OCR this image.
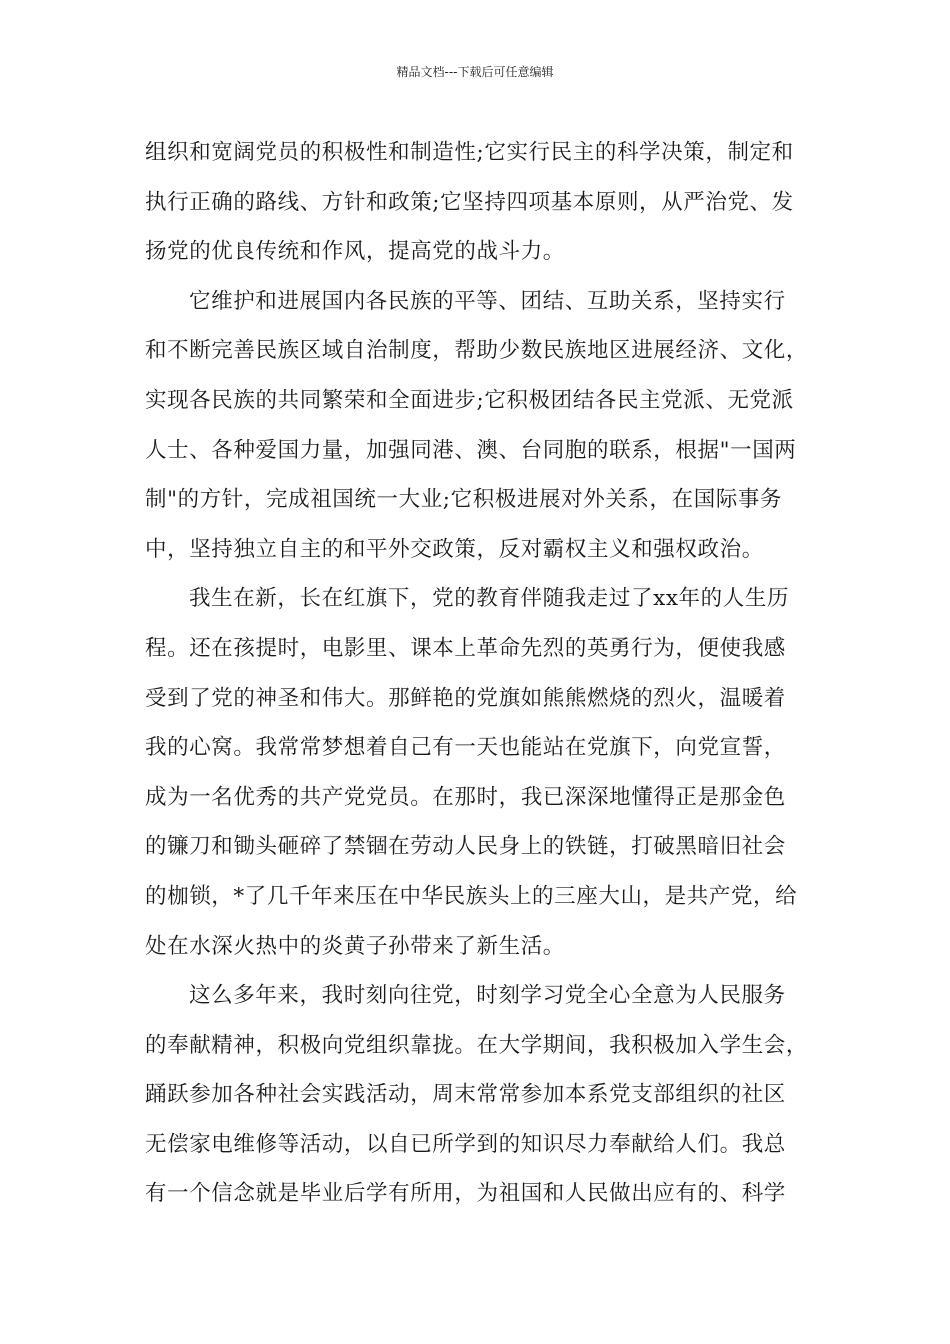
精品文档---下载后可任意编辑
组织和宽阔党员的积极性和制造性;它实行民主的科学决策，制定和
执行正确的路线、方针和政策;它坚持四项基本原则，从严治党、发
扬党的优良传统和作风，提高党的战斗力。
它维护和进展国内各民族的平等、团结、互助关系，坚持实行
和不断完善民族区域自治制度，帮助少数民族地区进展经济、文化，
实现各民族的共同繁荣和全面进步;它积极团结各民主党派、无党派
人士、各种爱国力量，加强同港、澳、台同胞的联系，根据"一国两
制"的方针，完成祖国统一大业;它积极进展对外关系，在国际事务
中，坚持独立自主的和平外交政策，反对霸权主义和强权政治。
我生在新，长在红旗下，党的教育伴随我走过了xx年的人生历
程。还在孩提时，电影里、课本上革命先烈的英勇行为，便使我感
受到了党的神圣和伟大。那鲜艳的党旗如熊熊燃烧的烈火，温暖着
我的心窝。我常常梦想着自己有一天也能站在党旗下，向党宣誓，
成为一名优秀的共产党党员。在那时，我已深深地懂得正是那金色
的镰刀和锄头砸碎了禁锢在劳动人民身上的铁链，打破黑暗旧社会
的枷锁，*了几千年来压在中华民族头上的三座大山，是共产党，给
处在水深火热中的炎黄子孙带来了新生活。
这么多年来，我时刻向往党，时刻学习党全心全意为人民服务
的奉献精神，积极向党组织靠拢。在大学期间，我积极加入学生会，
踊跃参加各种社会实践活动，周末常常参加本系党支部组织的社区
无偿家电维修等活动，以自已所学到的知识尽力奉献给人们。我总
有一个信念就是毕业后学有所用，为祖国和人民做出应有的、科学
